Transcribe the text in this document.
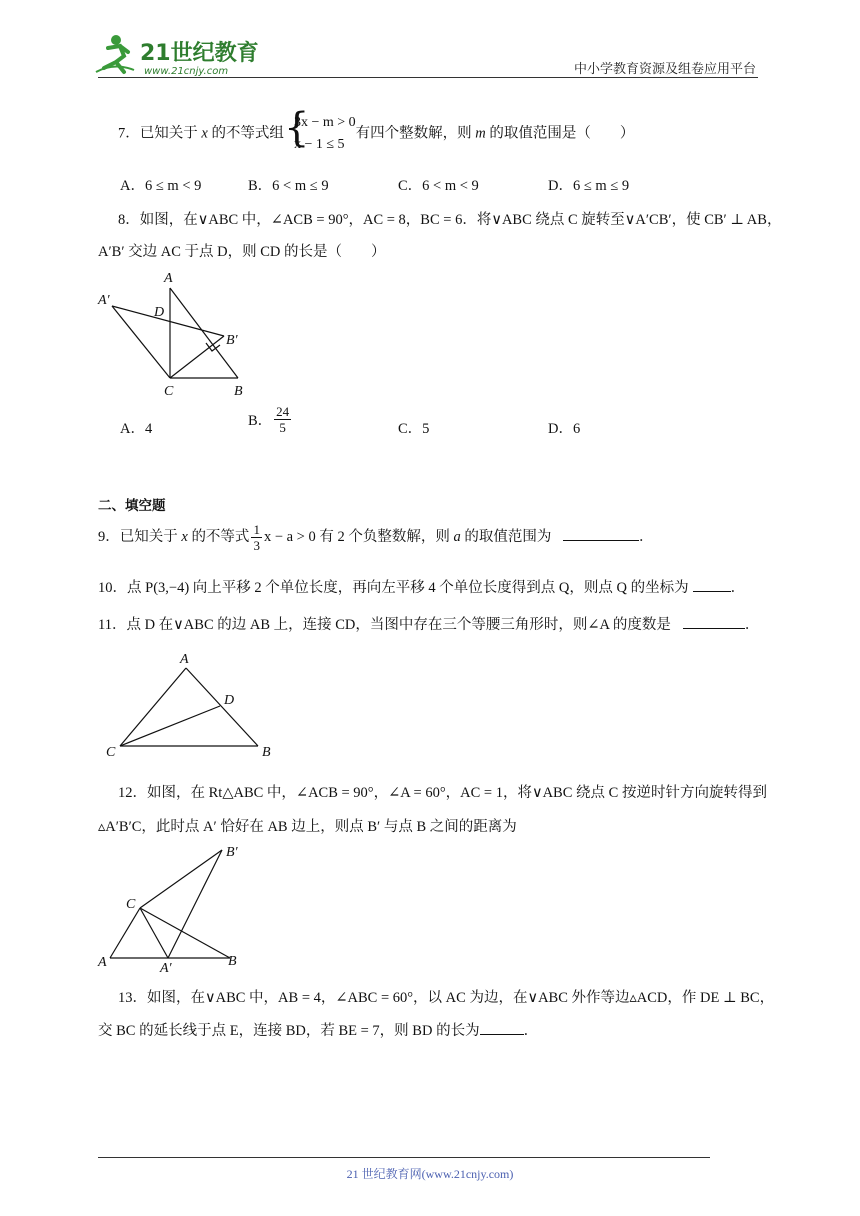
21世纪教育
www.21cnjy.com	中小学教育资源及组卷应用平台
7．已知关于 x 的不等式组 {
3x − m > 0
x − 1 ≤ 5
有四个整数解，则 m 的取值范围是（　　）
A．6 ≤ m < 9	B．6 < m ≤ 9	C．6 < m < 9	D．6 ≤ m ≤ 9
8．如图，在∨ABC 中，∠ACB = 90°，AC = 8，BC = 6．将∨ABC 绕点 C 旋转至∨A′CB′，使 CB′ ⊥ AB，
A′B′ 交边 AC 于点 D，则 CD 的长是（　　）
A
A′
D
B′
C	B
A．4	B． $\frac{24}{5}$	C．5	D．6
二、填空题
9．已知关于 x 的不等式 $\frac{1}{3}$ x − a > 0 有 2 个负整数解，则 a 的取值范围为	．
10．点 P(3,−4) 向上平移 2 个单位长度，再向左平移 4 个单位长度得到点 Q，则点 Q 的坐标为	．
11．点 D 在∨ABC 的边 AB 上，连接 CD，当图中存在三个等腰三角形时，则∠A 的度数是	．
A
D
C	B
12．如图，在 Rt△ABC 中，∠ACB = 90°，∠A = 60°，AC = 1，将∨ABC 绕点 C 按逆时针方向旋转得到
▵A′B′C，此时点 A′ 恰好在 AB 边上，则点 B′ 与点 B 之间的距离为
B′
C
A	A′	B
13．如图，在∨ABC 中，AB = 4，∠ABC = 60°，以 AC 为边，在∨ABC 外作等边▵ACD，作 DE ⊥ BC，
交 BC 的延长线于点 E，连接 BD，若 BE = 7，则 BD 的长为	．
21 世纪教育网(www.21cnjy.com)
